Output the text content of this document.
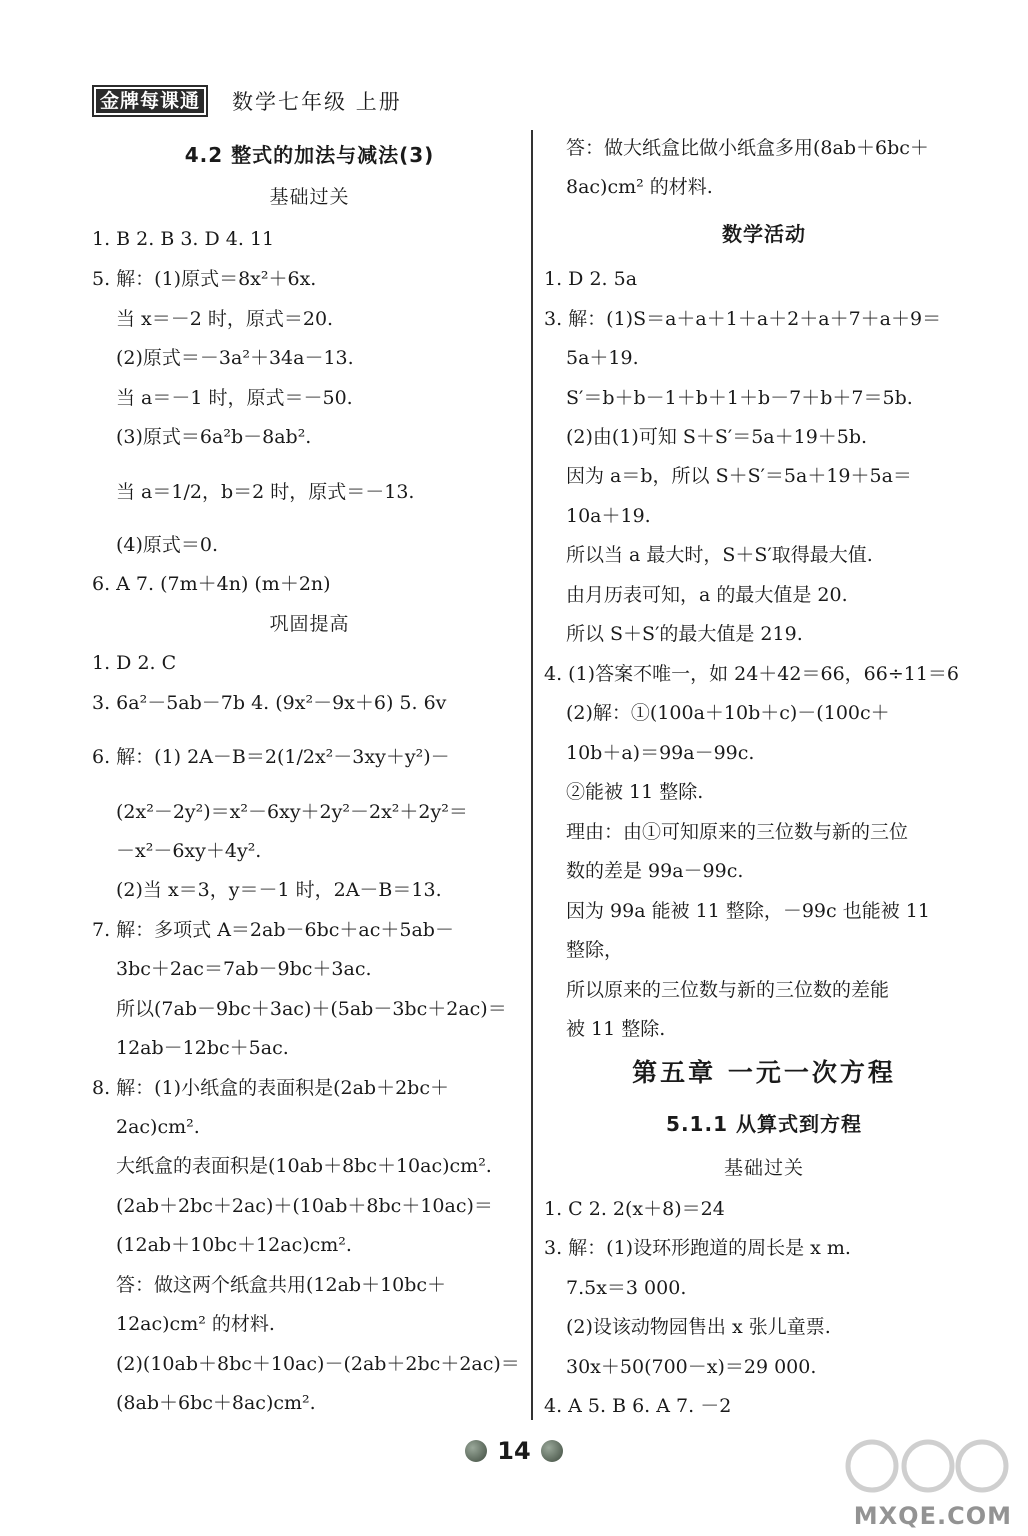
金牌每课通	数学七年级 上册
4.2 整式的加法与减法(3)
基础过关
1. B 2. B 3. D 4. 11
5. 解：(1)原式＝8x²＋6x.
当 x＝－2 时，原式＝20.
(2)原式＝－3a²＋34a－13.
当 a＝－1 时，原式＝－50.
(3)原式＝6a²b－8ab².
当 a＝1/2，b＝2 时，原式＝－13.
(4)原式＝0.
6. A 7. (7m＋4n) (m＋2n)
巩固提高
1. D 2. C
3. 6a²－5ab－7b 4. (9x²－9x＋6) 5. 6v
6. 解：(1) 2A－B＝2(1/2x²－3xy＋y²)－
(2x²－2y²)＝x²－6xy＋2y²－2x²＋2y²＝
－x²－6xy＋4y².
(2)当 x＝3，y＝－1 时，2A－B＝13.
7. 解：多项式 A＝2ab－6bc＋ac＋5ab－
3bc＋2ac＝7ab－9bc＋3ac.
所以(7ab－9bc＋3ac)＋(5ab－3bc＋2ac)＝
12ab－12bc＋5ac.
8. 解：(1)小纸盒的表面积是(2ab＋2bc＋
2ac)cm².
大纸盒的表面积是(10ab＋8bc＋10ac)cm².
(2ab＋2bc＋2ac)＋(10ab＋8bc＋10ac)＝
(12ab＋10bc＋12ac)cm².
答：做这两个纸盒共用(12ab＋10bc＋
12ac)cm² 的材料.
(2)(10ab＋8bc＋10ac)－(2ab＋2bc＋2ac)＝
(8ab＋6bc＋8ac)cm².
答：做大纸盒比做小纸盒多用(8ab＋6bc＋
8ac)cm² 的材料.
数学活动
1. D 2. 5a
3. 解：(1)S＝a＋a＋1＋a＋2＋a＋7＋a＋9＝
5a＋19.
S′＝b＋b－1＋b＋1＋b－7＋b＋7＝5b.
(2)由(1)可知 S＋S′＝5a＋19＋5b.
因为 a＝b，所以 S＋S′＝5a＋19＋5a＝
10a＋19.
所以当 a 最大时，S＋S′取得最大值.
由月历表可知，a 的最大值是 20.
所以 S＋S′的最大值是 219.
4. (1)答案不唯一，如 24＋42＝66，66÷11＝6
(2)解：①(100a＋10b＋c)－(100c＋
10b＋a)＝99a－99c.
②能被 11 整除.
理由：由①可知原来的三位数与新的三位
数的差是 99a－99c.
因为 99a 能被 11 整除，－99c 也能被 11
整除，
所以原来的三位数与新的三位数的差能
被 11 整除.
第五章 一元一次方程
5.1.1 从算式到方程
基础过关
1. C 2. 2(x＋8)＝24
3. 解：(1)设环形跑道的周长是 x m.
7.5x＝3 000.
(2)设该动物园售出 x 张儿童票.
30x＋50(700－x)＝29 000.
4. A 5. B 6. A 7. －2
14
MXQE.COM
